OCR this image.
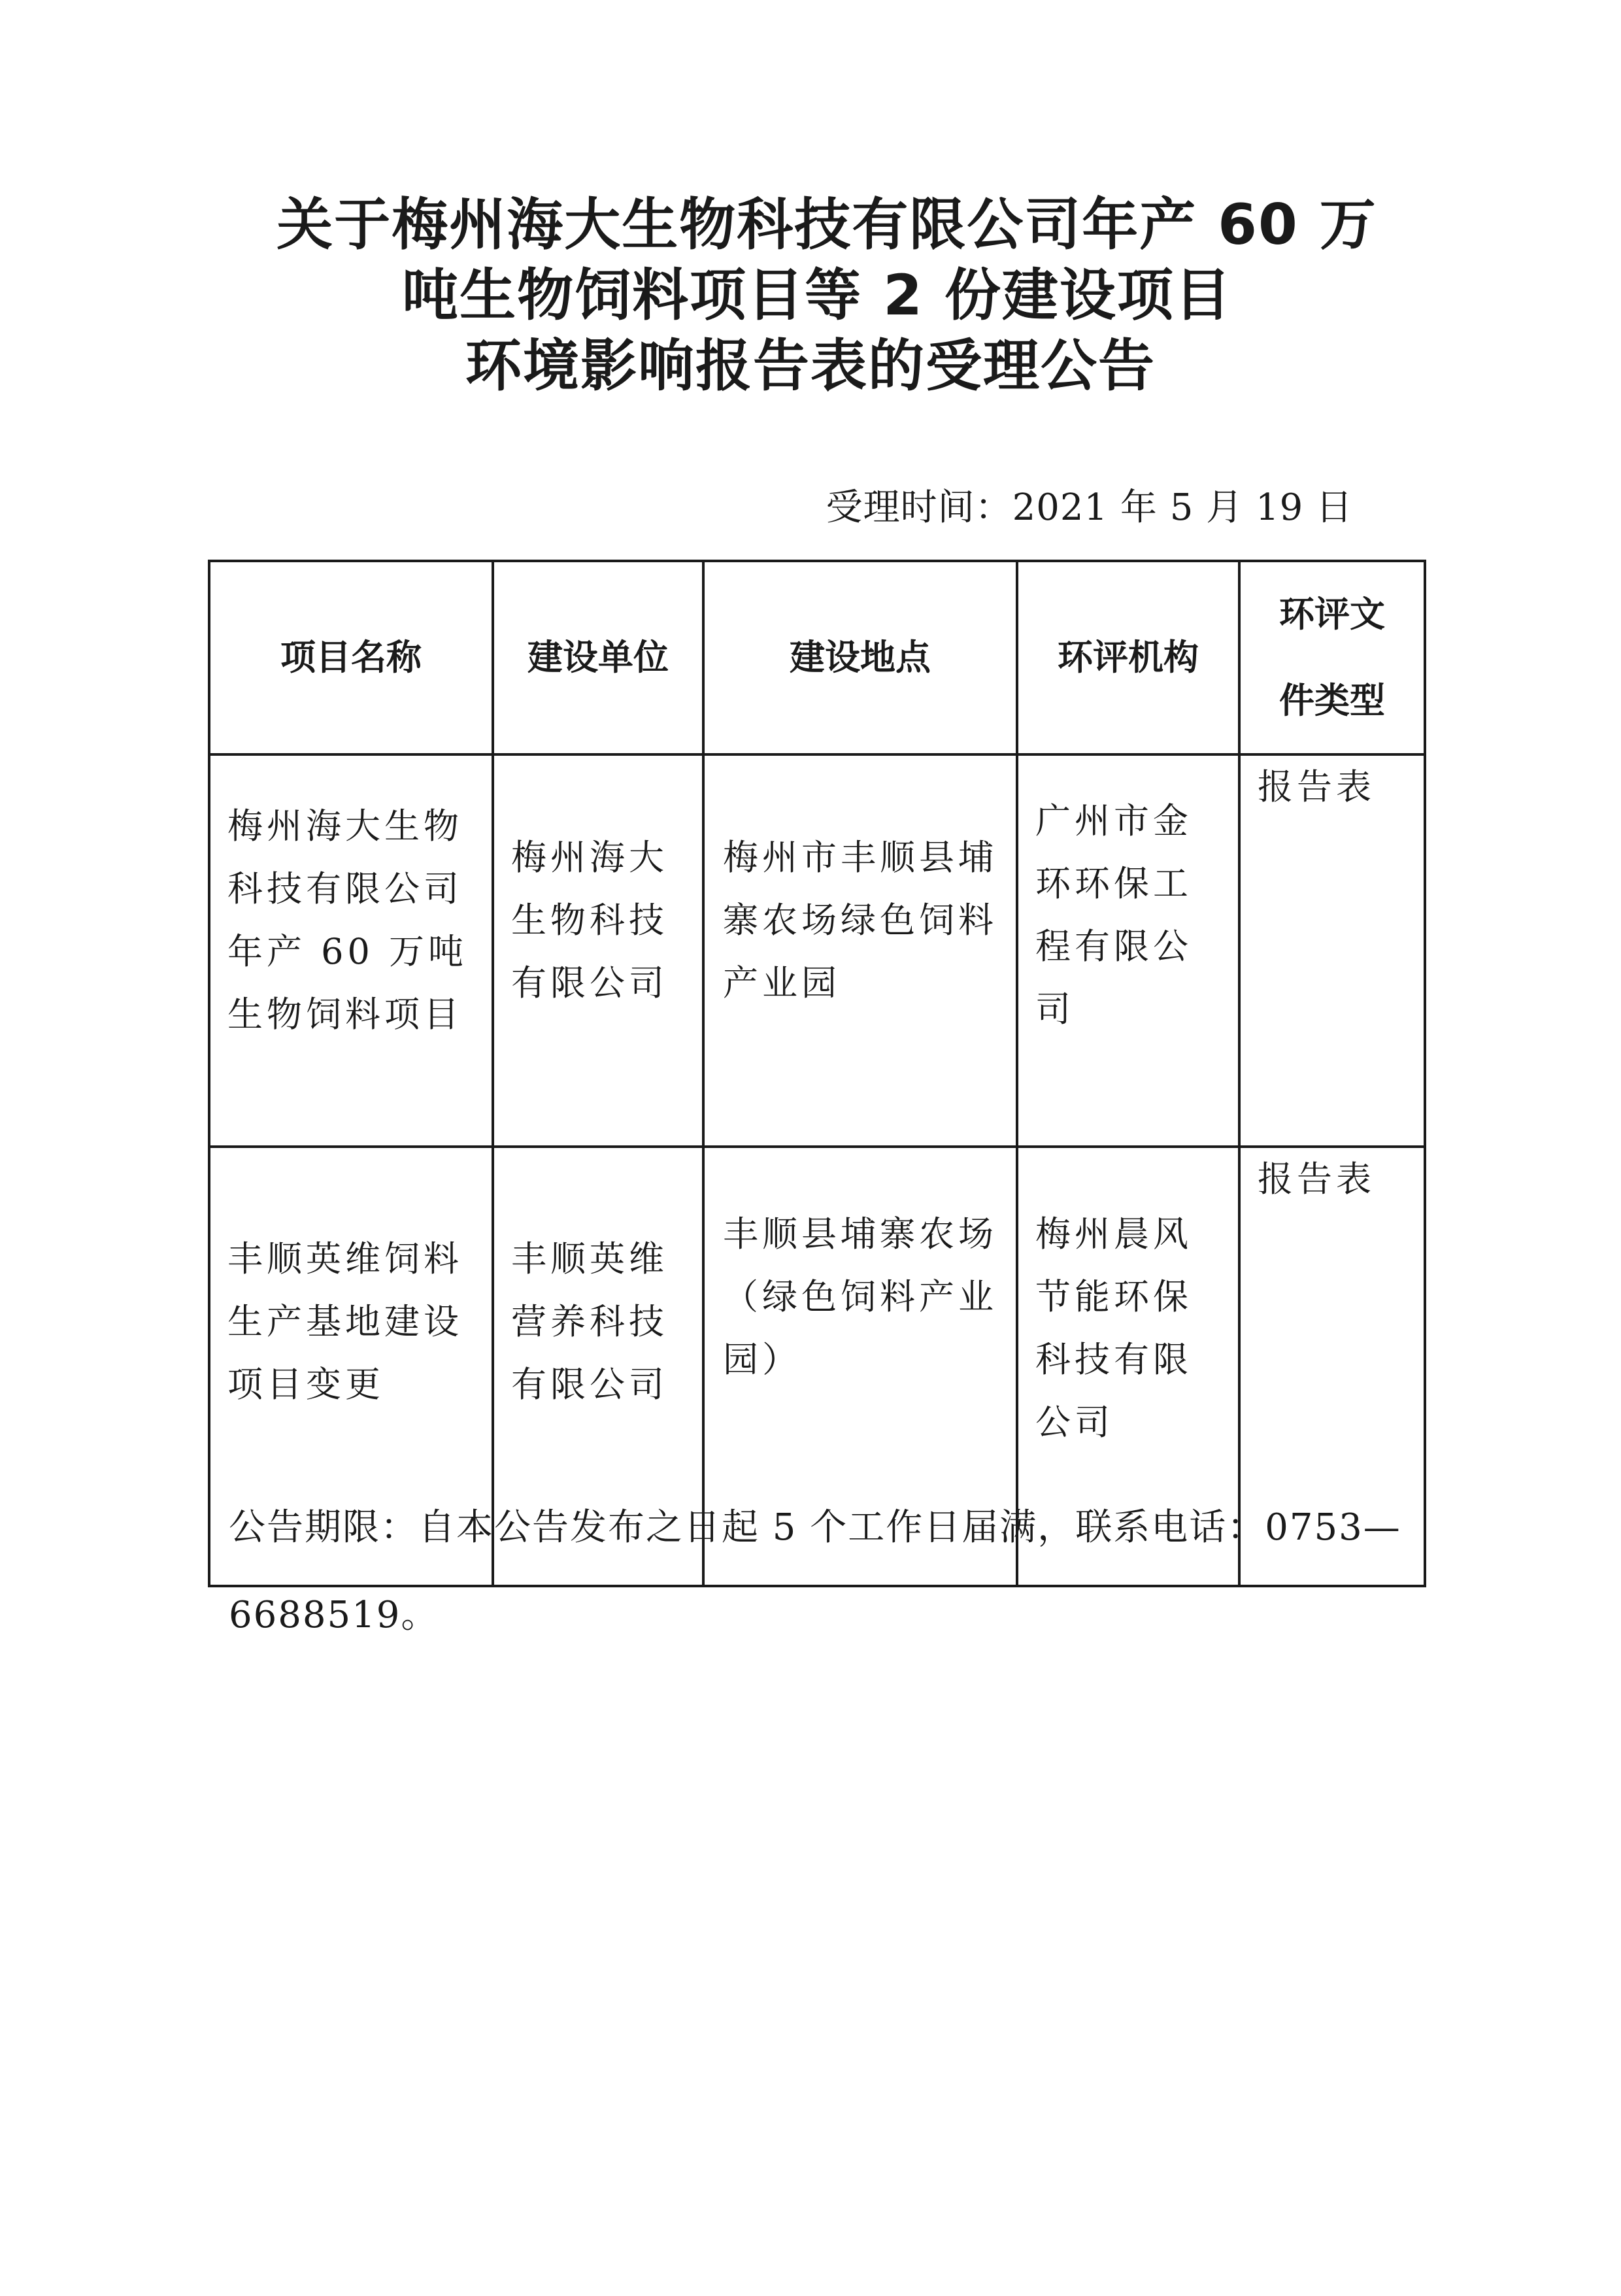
关于梅州海大生物科技有限公司年产 60 万
吨生物饲料项目等 2 份建设项目
环境影响报告表的受理公告
受理时间：2021 年 5 月 19 日
项目名称	建设单位	建设地点	环评机构	环评文件类型

梅州海大生物科技有限公司年产 60 万吨生物饲料项目	梅州海大生物科技有限公司	梅州市丰顺县埔寨农场绿色饲料产业园	广州市金环环保工程有限公司	报告表

丰顺英维饲料生产基地建设项目变更	丰顺英维营养科技有限公司	丰顺县埔寨农场（绿色饲料产业园）	梅州晨风节能环保科技有限公司	报告表
公告期限：自本公告发布之日起 5 个工作日届满，联系电话：0753—6688519。
